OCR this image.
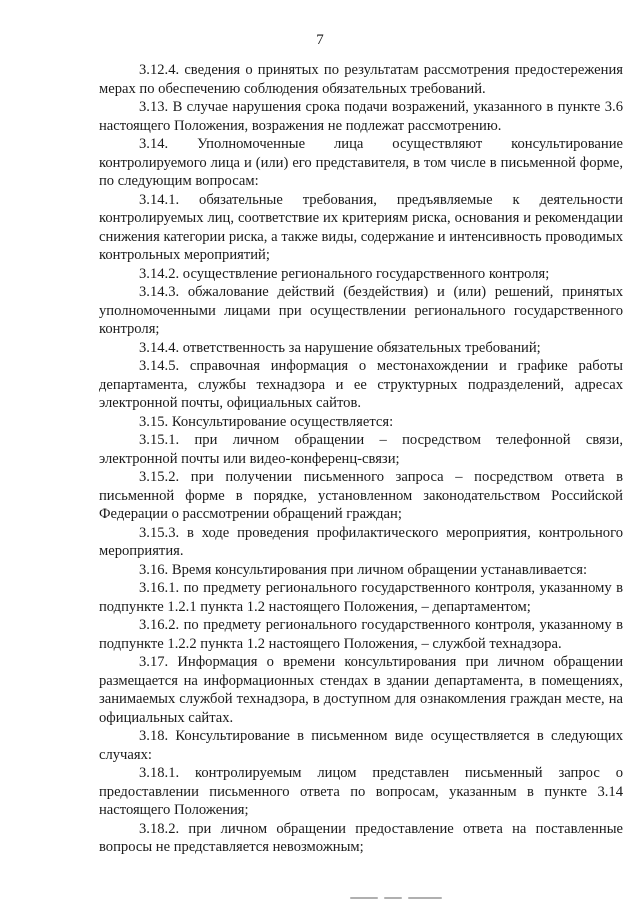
7

3.12.4. сведения о принятых по результатам рассмотрения предостережения мерах по обеспечению соблюдения обязательных требований.

3.13. В случае нарушения срока подачи возражений, указанного в пункте 3.6 настоящего Положения, возражения не подлежат рассмотрению.

3.14. Уполномоченные лица осуществляют консультирование контролируемого лица и (или) его представителя, в том числе в письменной форме, по следующим вопросам:

3.14.1. обязательные требования, предъявляемые к деятельности контролируемых лиц, соответствие их критериям риска, основания и рекомендации снижения категории риска, а также виды, содержание и интенсивность проводимых контрольных мероприятий;

3.14.2. осуществление регионального государственного контроля;

3.14.3. обжалование действий (бездействия) и (или) решений, принятых уполномоченными лицами при осуществлении регионального государственного контроля;

3.14.4. ответственность за нарушение обязательных требований;

3.14.5. справочная информация о местонахождении и графике работы департамента, службы технадзора и ее структурных подразделений, адресах электронной почты, официальных сайтов.

3.15. Консультирование осуществляется:

3.15.1. при личном обращении – посредством телефонной связи, электронной почты или видео-конференц-связи;

3.15.2. при получении письменного запроса – посредством ответа в письменной форме в порядке, установленном законодательством Российской Федерации о рассмотрении обращений граждан;

3.15.3. в ходе проведения профилактического мероприятия, контрольного мероприятия.

3.16. Время консультирования при личном обращении устанавливается:

3.16.1. по предмету регионального государственного контроля, указанному в подпункте 1.2.1 пункта 1.2 настоящего Положения, – департаментом;

3.16.2. по предмету регионального государственного контроля, указанному в подпункте 1.2.2 пункта 1.2 настоящего Положения, – службой технадзора.

3.17. Информация о времени консультирования при личном обращении размещается на информационных стендах в здании департамента, в помещениях, занимаемых службой технадзора, в доступном для ознакомления граждан месте, на официальных сайтах.

3.18. Консультирование в письменном виде осуществляется в следующих случаях:

3.18.1. контролируемым лицом представлен письменный запрос о предоставлении письменного ответа по вопросам, указанным в пункте 3.14 настоящего Положения;

3.18.2. при личном обращении предоставление ответа на поставленные вопросы не представляется невозможным;
